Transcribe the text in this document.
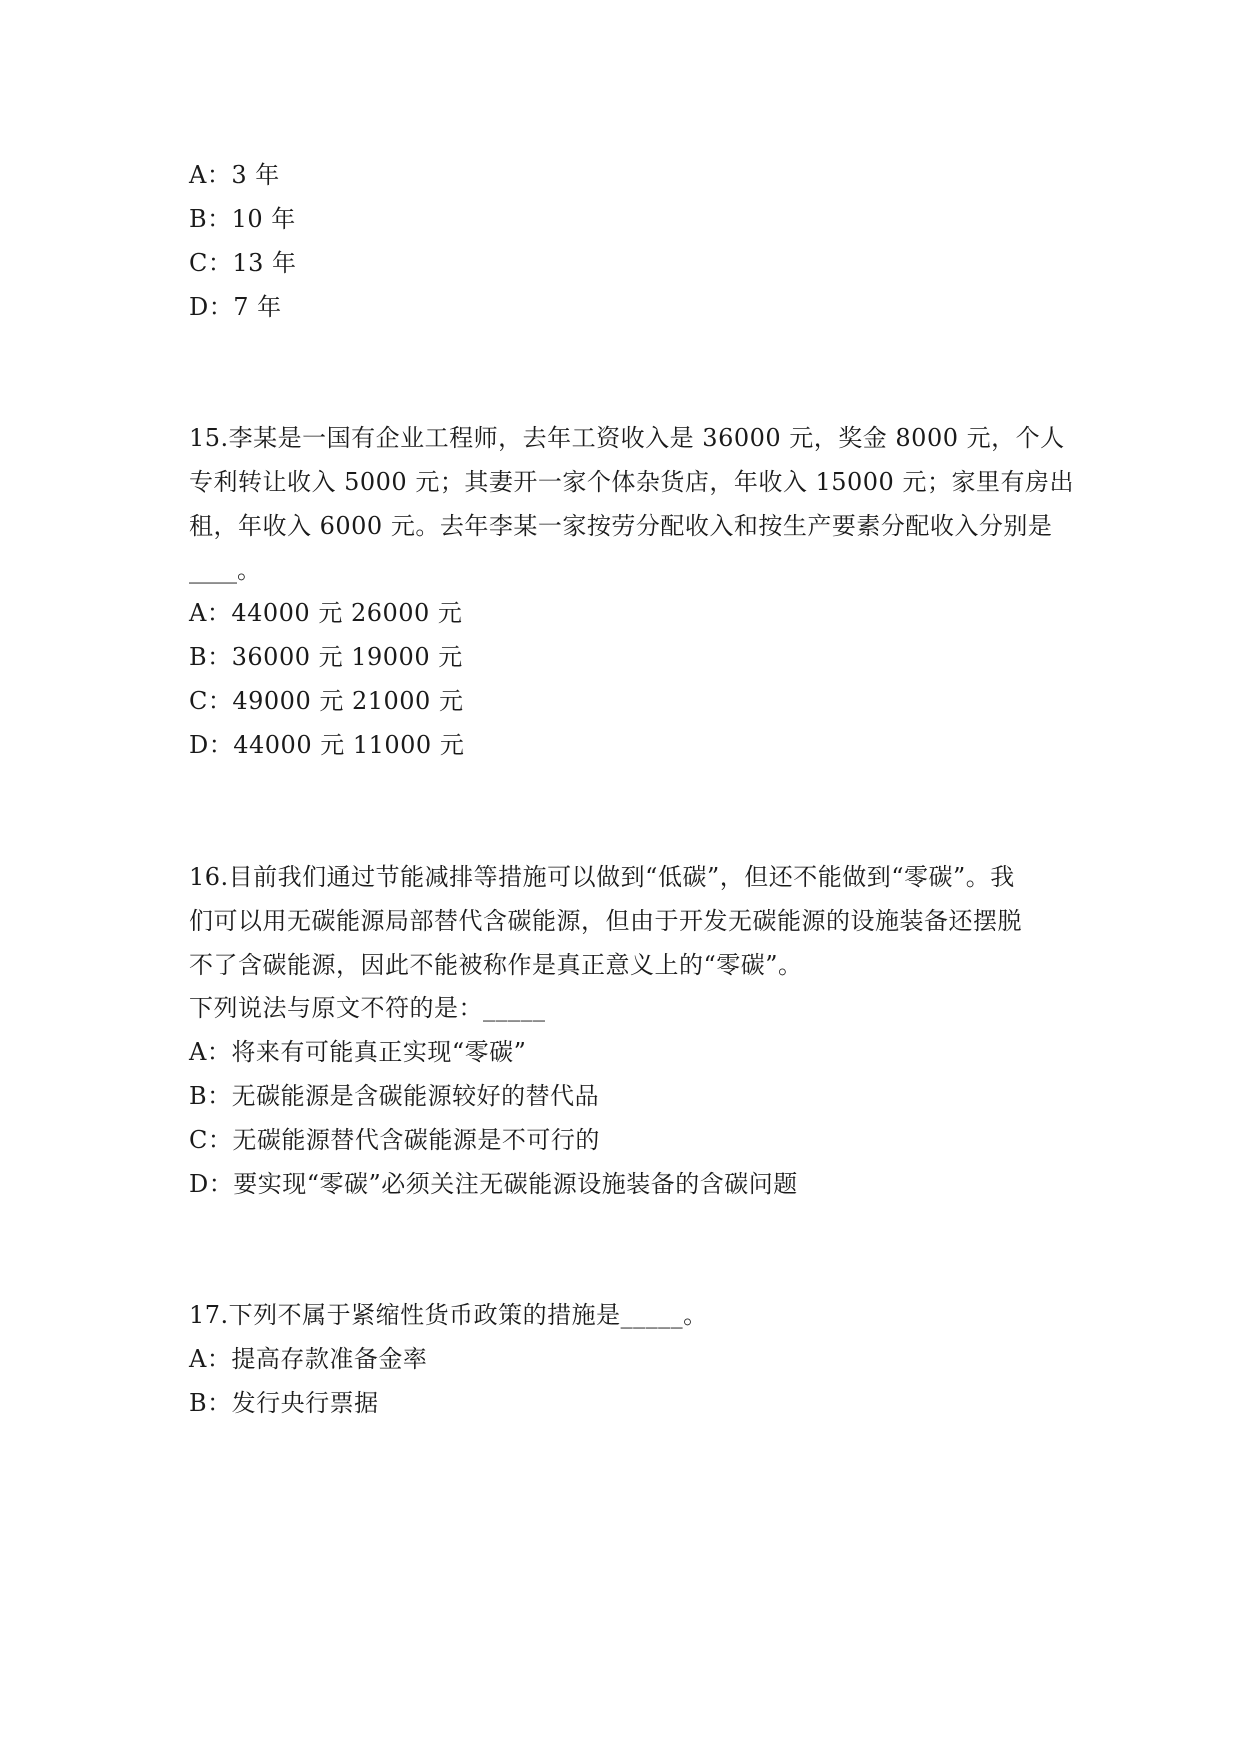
A：3 年
B：10 年
C：13 年
D：7 年
15.李某是一国有企业工程师，去年工资收入是 36000 元，奖金 8000 元，个人
专利转让收入 5000 元；其妻开一家个体杂货店，年收入 15000 元；家里有房出
租，年收入 6000 元。去年李某一家按劳分配收入和按生产要素分配收入分别是
____。
A：44000 元 26000 元
B：36000 元 19000 元
C：49000 元 21000 元
D：44000 元 11000 元
16.目前我们通过节能减排等措施可以做到“低碳”，但还不能做到“零碳”。我
们可以用无碳能源局部替代含碳能源，但由于开发无碳能源的设施装备还摆脱
不了含碳能源，因此不能被称作是真正意义上的“零碳”。
下列说法与原文不符的是：_____
A：将来有可能真正实现“零碳”
B：无碳能源是含碳能源较好的替代品
C：无碳能源替代含碳能源是不可行的
D：要实现“零碳”必须关注无碳能源设施装备的含碳问题
17.下列不属于紧缩性货币政策的措施是_____。
A：提高存款准备金率
B：发行央行票据
